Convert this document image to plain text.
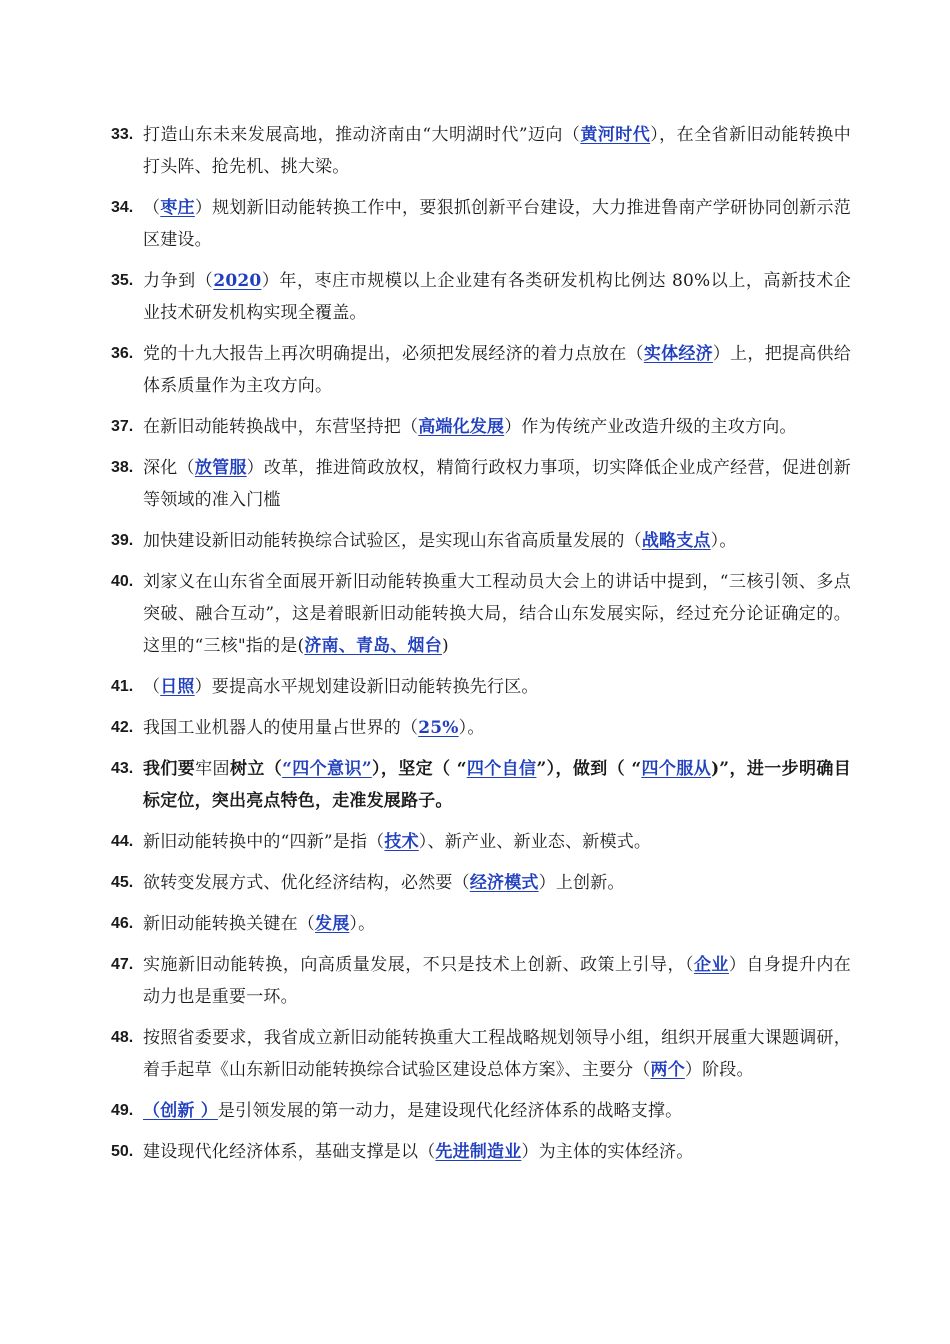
33. 打造山东未来发展高地，推动济南由“大明湖时代”迈向（黄河时代），在全省新旧动能转换中打头阵、抢先机、挑大梁。
34. （枣庄）规划新旧动能转换工作中，要狠抓创新平台建设，大力推进鲁南产学研协同创新示范区建设。
35. 力争到（2020）年，枣庄市规模以上企业建有各类研发机构比例达 80%以上，高新技术企业技术研发机构实现全覆盖。
36. 党的十九大报告上再次明确提出，必须把发展经济的着力点放在（实体经济）上，把提高供给体系质量作为主攻方向。
37. 在新旧动能转换战中，东营坚持把（高端化发展）作为传统产业改造升级的主攻方向。
38. 深化（放管服）改革，推进简政放权，精简行政权力事项，切实降低企业成产经营，促进创新等领域的准入门槛
39. 加快建设新旧动能转换综合试验区，是实现山东省高质量发展的（战略支点）。
40. 刘家义在山东省全面展开新旧动能转换重大工程动员大会上的讲话中提到，“三核引领、多点突破、融合互动”，这是着眼新旧动能转换大局，结合山东发展实际，经过充分论证确定的。这里的“三核"指的是(济南、青岛、烟台)
41. （日照）要提高水平规划建设新旧动能转换先行区。
42. 我国工业机器人的使用量占世界的（25%）。
43. 我们要牢固树立（“四个意识”），坚定（ “四个自信”），做到（ “四个服从)”，进一步明确目标定位，突出亮点特色，走准发展路子。
44. 新旧动能转换中的“四新”是指（技术）、新产业、新业态、新模式。
45. 欲转变发展方式、优化经济结构，必然要（经济模式）上创新。
46. 新旧动能转换关键在（发展）。
47. 实施新旧动能转换，向高质量发展，不只是技术上创新、政策上引导，（企业）自身提升内在动力也是重要一环。
48. 按照省委要求，我省成立新旧动能转换重大工程战略规划领导小组，组织开展重大课题调研，着手起草《山东新旧动能转换综合试验区建设总体方案》、主要分（两个）阶段。
49. （创新 ）是引领发展的第一动力，是建设现代化经济体系的战略支撑。
50. 建设现代化经济体系，基础支撑是以（先进制造业）为主体的实体经济。
